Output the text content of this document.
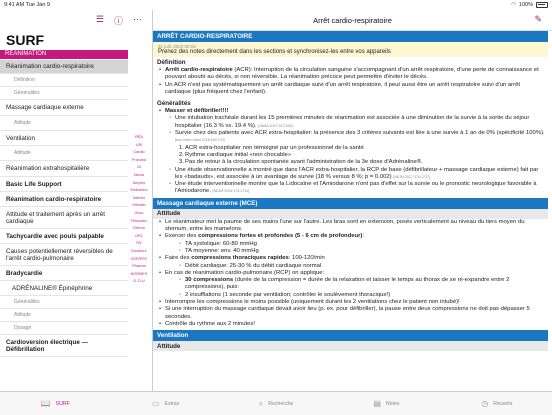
9:41 AM Tue Jan 9	◠ 100%
☰ ⓘ ⋯
SURF
RÉANIMATION
Réanimation cardio-respiratoire
Définition
Généralités
Massage cardiaque externe
Attitude
Ventilation
Attitude
Réanimation extrahospitalière
Basic Life Support
Réanimation cardio-respiratoire
Attitude et traitement après un arrêt cardiaque
Tachycardie avec pouls palpable
Causes potentiellement réversibles de l'arrêt cardio-pulmonaire
Bradycardie
ADRÉNALINE® Épinéphrine
Généralités
Attitude
Dosage
Cardioversion électrique — Défibrillation
RÉA
USI
Cardio
Pneumo
GI
Neuro
Néphro
Endocrino
Infectio
Hémato
Onco
Rhumato
Derma
ORL
RX
Douleurs
GER/PSY
Pharma
NORMES
G-O-U
Arrêt cardio-respiratoire	✎
ARRÊT CARDIO-RESPIRATOIRE
31 juill. 2022 00:03
Prenez des notes directement dans les sections et synchronisez-les entre vos appareils
Définition
• Arrêt cardio-respiratoire (ACR): Interruption de la circulation sanguine s'accompagnant d'un arrêt respiratoire, d'une perte de connaissance et pouvant aboutir au décès, si non réversible. La réanimation précoce peut permettre d'éviter le décès.
• Un ACR n'est pas systématiquement un arrêt cardiaque suivi d'un arrêt respiratoire, il peut aussi être un arrêt respiratoire suivi d'un arrêt cardiaque (plus fréquent chez l'enfant).
Généralités
• Masser et défibriller!!!!
◦ Une intubation trachéale durant les 15 premières minutes de réanimation est associée à une diminution de la survie à la sortie du séjour hospitalier (16.3 % vs. 19.4 %). [JAMA 2017;317:494]
◦ Survie chez des patients avec ACR extra-hospitalier: la présence des 3 critères suivants est liée à une survie à 1 an de 0% (spécificité 100%). [Ann Intern Med 2018;169:770]
1. ACR extra-hospitalier non témoigné par un professionnel de la santé
2. Rythme cardiaque initial «non chocable»
3. Pas de retour à la circulation spontanée avant l'administration de la 3e dose d'Adrénaline®.
◦ Une étude observationnelle a montré que dans l'ACR extra-hospitalier, la RCP de base (défibrillateur + massage cardiaque externe) fait par les «badauds», est associée à un avantage de survie (18 % versus 8 %; p = 0.002) [NEJM 2017;376:1737]
◦ Une étude interventionnelle montre que la Lidocaïne et l'Amiodarone n'ont pas d'effet sur la survie ou le pronostic neurologique favorable à l'Amiodarone. [NEJM 2016;374:1711]
Massage cardiaque externe (MCE)
Attitude
• Le réanimateur met la paume de ses mains l'une sur l'autre. Les bras sont en extension, posés verticalement au niveau du tiers moyen du sternum, entre les mamelons.
• Exercer des compressions fortes et profondes (5 - 6 cm de profondeur):
◦ TA systolique: 60-80 mmHg
◦ TA moyenne: env. 40 mmHg
• Faire des compressions thoraciques rapides: 100-120/min
◦ Débit cardiaque: 25-30 % du débit cardiaque normal
• En cas de réanimation cardio-pulmonaire (RCP) on applique:
◦ 30 compressions (durée de la compression = durée de la relaxation et laisser le temps au thorax de se ré-expandre entre 2 compressions), puis:
◦ 2 insufflations (1 seconde par ventilation; contrôler le soulèvement thoracique!)
• Interrompre les compressions le moins possible (uniquement durant les 2 ventilations chez le patient non intubé)!
• Si une interruption du massage cardiaque devait avoir lieu (p. ex. pour défibriller), la pause entre deux compressions ne doit pas dépasser 5 secondes.
• Contrôle du rythme aux 2 minutes!
Ventilation
Attitude
📖 SURF	▭ Extras	⌕ Recherche	▤ Notes	◷ Récents
